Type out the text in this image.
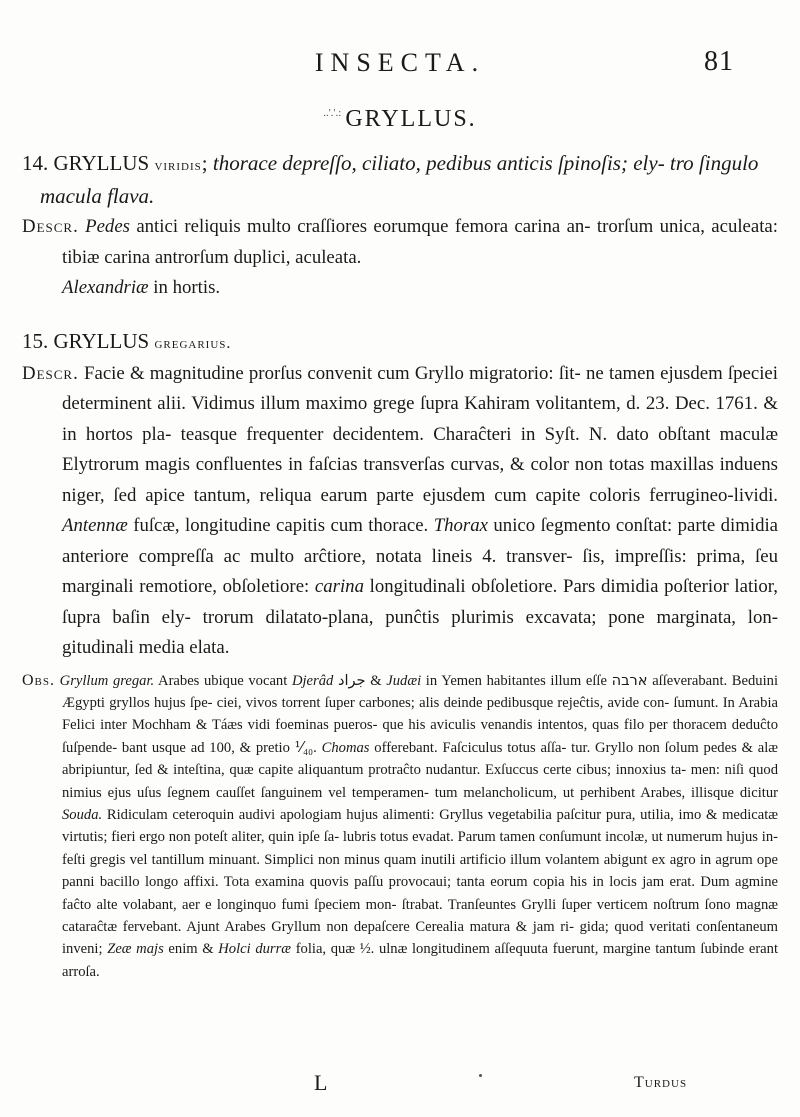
INSECTA.	81
..'.'.: GRYLLUS.

14. GRYLLUS viridis; thorace depreſſo, ciliato, pedibus anticis ſpinoſis; ely- tro ſingulo macula flava.

Descr. Pedes antici reliquis multo craſſiores eorumque femora carina an- trorſum unica, aculeata: tibiæ carina antrorſum duplici, aculeata.

Alexandriæ in hortis.

15. GRYLLUS gregarius.

Descr. Facie & magnitudine prorſus convenit cum Gryllo migratorio: ſit- ne tamen ejusdem ſpeciei determinent alii. Vidimus illum maximo grege ſupra Kahiram volitantem, d. 23. Dec. 1761. & in hortos pla- teasque frequenter decidentem. Charaĉteri in Syſt. N. dato obſtant maculæ Elytrorum magis confluentes in faſcias transverſas curvas, & color non totas maxillas induens niger, ſed apice tantum, reliqua earum parte ejusdem cum capite coloris ferrugineo-lividi. Antennæ fuſcæ, longitudine capitis cum thorace. Thorax unico ſegmento conſtat: parte dimidia anteriore compreſſa ac multo arĉtiore, notata lineis 4. transver- ſis, impreſſis: prima, ſeu marginali remotiore, obſoletiore: carina longitudinali obſoletiore. Pars dimidia poſterior latior, ſupra baſin ely- trorum dilatato-plana, punĉtis plurimis excavata; pone marginata, lon- gitudinali media elata.

Obs. Gryllum gregar. Arabes ubique vocant Djerâd جراد & Judæi in Yemen habitantes illum eſſe ארבה aſſeverabant. Beduini Ægypti gryllos hujus ſpe- ciei, vivos torrent ſuper carbones; alis deinde pedibusque rejeĉtis, avide con- ſumunt. In Arabia Felici inter Mochham & Táæs vidi foeminas pueros- que his aviculis venandis intentos, quas filo per thoracem deduĉto ſuſpende- bant usque ad 100, & pretio ⅟₄₀. Chomas offerebant. Faſciculus totus aſſa- tur. Gryllo non ſolum pedes & alæ abripiuntur, ſed & inteſtina, quæ capite aliquantum protraĉto nudantur. Exſuccus certe cibus; innoxius ta- men: niſi quod nimius ejus uſus ſegnem cauſſet ſanguinem vel temperamen- tum melancholicum, ut perhibent Arabes, illisque dicitur Souda. Ridiculam ceteroquin audivi apologiam hujus alimenti: Gryllus vegetabilia paſcitur pura, utilia, imo & medicatæ virtutis; fieri ergo non poteſt aliter, quin ipſe ſa- lubris totus evadat. Parum tamen conſumunt incolæ, ut numerum hujus in- feſti gregis vel tantillum minuant. Simplici non minus quam inutili artificio illum volantem abigunt ex agro in agrum ope panni bacillo longo affixi. Tota examina quovis paſſu provocaui; tanta eorum copia his in locis jam erat. Dum agmine faĉto alte volabant, aer e longinquo fumi ſpeciem mon- ſtrabat. Tranſeuntes Grylli ſuper verticem noſtrum ſono magnæ cataraĉtæ fervebant. Ajunt Arabes Gryllum non depaſcere Cerealia matura & jam ri- gida; quod veritati conſentaneum inveni; Zeæ majs enim & Holci durræ folia, quæ ½. ulnæ longitudinem aſſequuta fuerunt, margine tantum ſubinde erant arroſa.

L	Turdus
